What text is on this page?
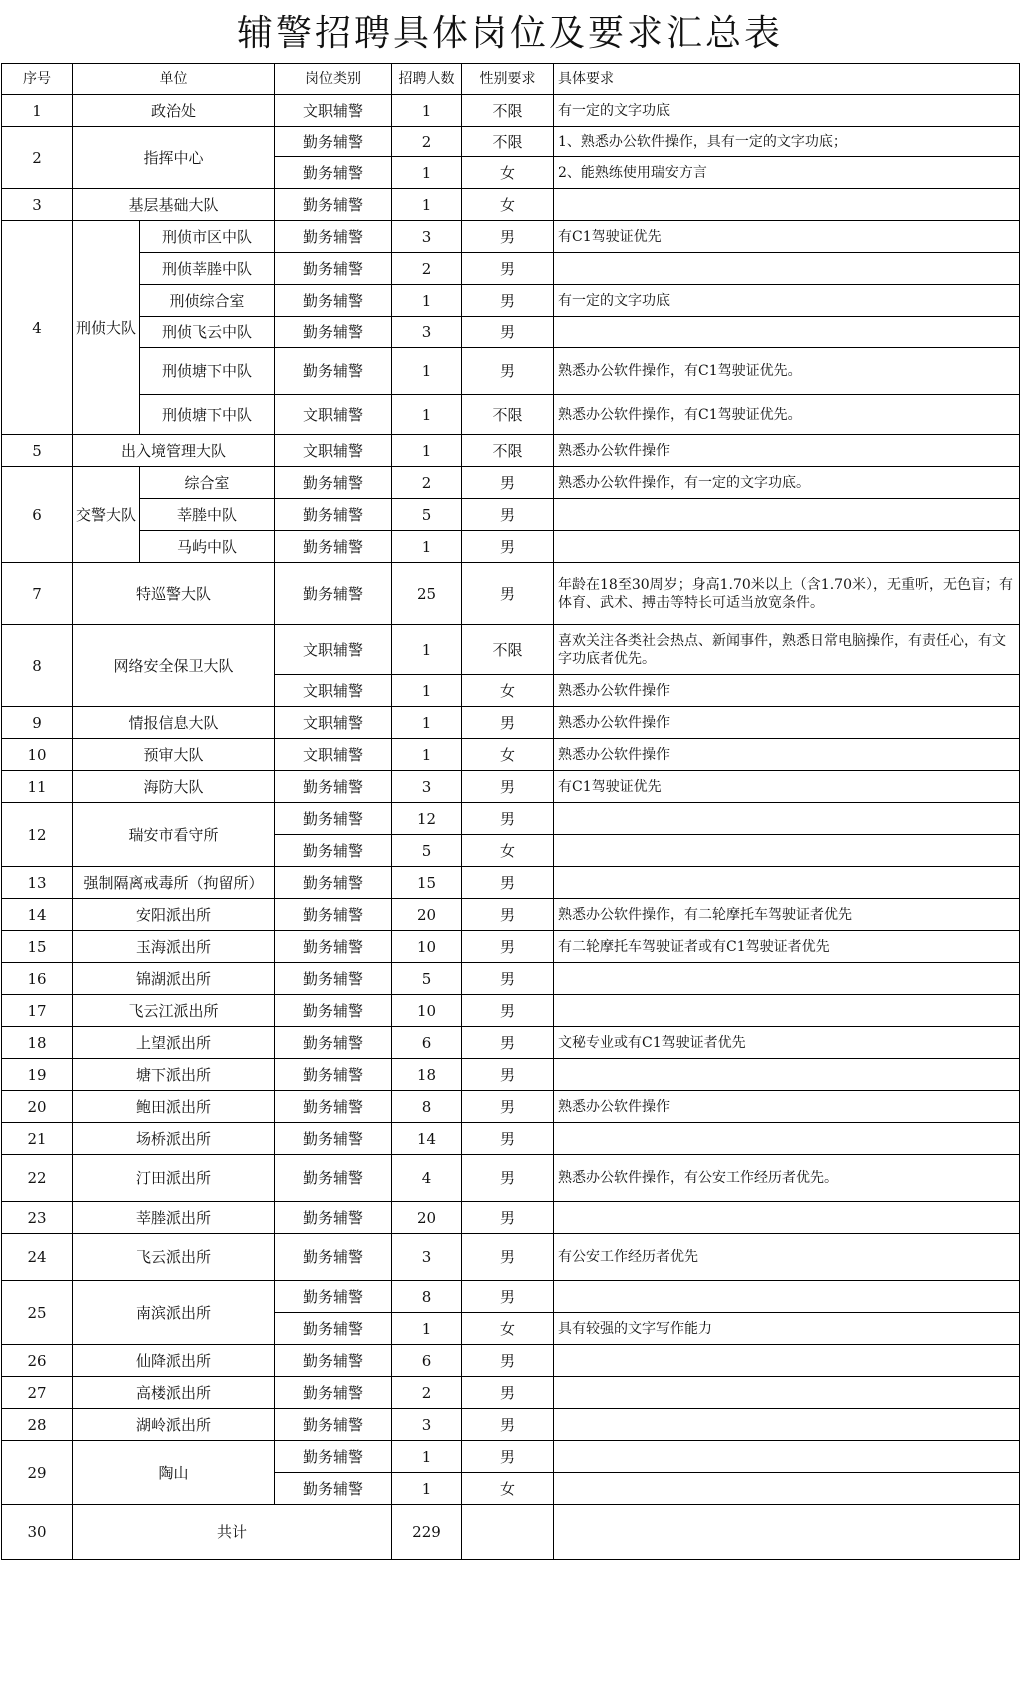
辅警招聘具体岗位及要求汇总表
序号	单位		岗位类别	招聘人数	性别要求	具体要求
1	政治处		文职辅警	1	不限	有一定的文字功底
2	指挥中心		勤务辅警	2	不限	1、熟悉办公软件操作，具有一定的文字功底；
			勤务辅警	1	女	2、能熟练使用瑞安方言
3	基层基础大队		勤务辅警	1	女	
4	刑侦大队	刑侦市区中队	勤务辅警	3	男	有C1驾驶证优先
		刑侦莘塍中队	勤务辅警	2	男	
		刑侦综合室	勤务辅警	1	男	有一定的文字功底
		刑侦飞云中队	勤务辅警	3	男	
		刑侦塘下中队	勤务辅警	1	男	熟悉办公软件操作，有C1驾驶证优先。
		刑侦塘下中队	文职辅警	1	不限	熟悉办公软件操作，有C1驾驶证优先。
5	出入境管理大队		文职辅警	1	不限	熟悉办公软件操作
6	交警大队	综合室	勤务辅警	2	男	熟悉办公软件操作，有一定的文字功底。
		莘塍中队	勤务辅警	5	男	
		马屿中队	勤务辅警	1	男	
7	特巡警大队		勤务辅警	25	男	年龄在18至30周岁；身高1.70米以上（含1.70米），无重听，无色盲；有体育、武术、搏击等特长可适当放宽条件。
8	网络安全保卫大队		文职辅警	1	不限	喜欢关注各类社会热点、新闻事件，熟悉日常电脑操作，有责任心，有文字功底者优先。
			文职辅警	1	女	熟悉办公软件操作
9	情报信息大队		文职辅警	1	男	熟悉办公软件操作
10	预审大队		文职辅警	1	女	熟悉办公软件操作
11	海防大队		勤务辅警	3	男	有C1驾驶证优先
12	瑞安市看守所		勤务辅警	12	男	
			勤务辅警	5	女	
13	强制隔离戒毒所（拘留所）		勤务辅警	15	男	
14	安阳派出所		勤务辅警	20	男	熟悉办公软件操作，有二轮摩托车驾驶证者优先
15	玉海派出所		勤务辅警	10	男	有二轮摩托车驾驶证者或有C1驾驶证者优先
16	锦湖派出所		勤务辅警	5	男	
17	飞云江派出所		勤务辅警	10	男	
18	上望派出所		勤务辅警	6	男	文秘专业或有C1驾驶证者优先
19	塘下派出所		勤务辅警	18	男	
20	鲍田派出所		勤务辅警	8	男	熟悉办公软件操作
21	场桥派出所		勤务辅警	14	男	
22	汀田派出所		勤务辅警	4	男	熟悉办公软件操作，有公安工作经历者优先。
23	莘塍派出所		勤务辅警	20	男	
24	飞云派出所		勤务辅警	3	男	有公安工作经历者优先
25	南滨派出所		勤务辅警	8	男	
			勤务辅警	1	女	具有较强的文字写作能力
26	仙降派出所		勤务辅警	6	男	
27	高楼派出所		勤务辅警	2	男	
28	湖岭派出所		勤务辅警	3	男	
29	陶山		勤务辅警	1	男	
			勤务辅警	1	女	
30	共计			229		
